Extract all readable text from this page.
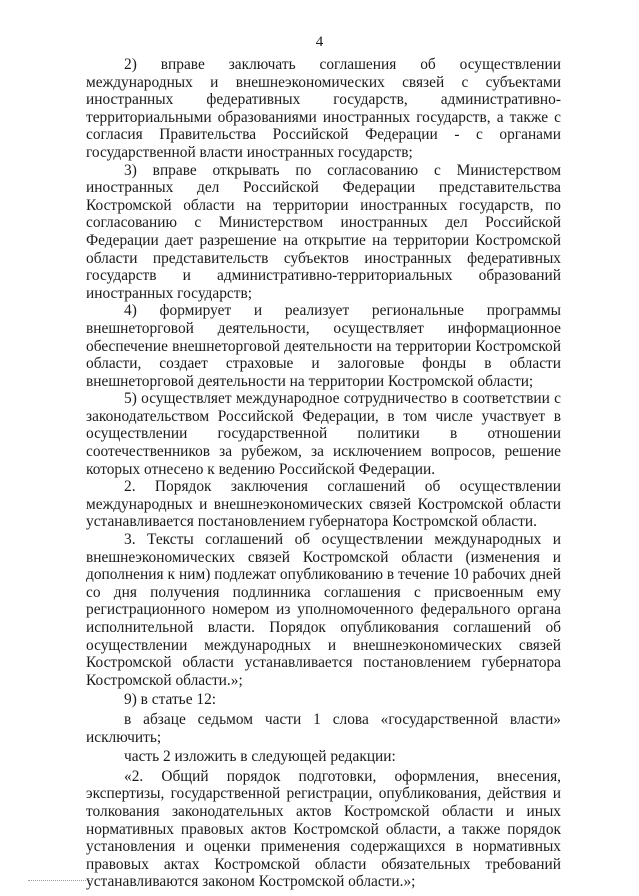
4

2) вправе заключать соглашения об осуществлении международных и внешнеэкономических связей с субъектами иностранных федеративных государств, административно-территориальными образованиями иностранных государств, а также с согласия Правительства Российской Федерации - с органами государственной власти иностранных государств;

3) вправе открывать по согласованию с Министерством иностранных дел Российской Федерации представительства Костромской области на территории иностранных государств, по согласованию с Министерством иностранных дел Российской Федерации дает разрешение на открытие на территории Костромской области представительств субъектов иностранных федеративных государств и административно-территориальных образований иностранных государств;

4) формирует и реализует региональные программы внешнеторговой деятельности, осуществляет информационное обеспечение внешнеторговой деятельности на территории Костромской области, создает страховые и залоговые фонды в области внешнеторговой деятельности на территории Костромской области;

5) осуществляет международное сотрудничество в соответствии с законодательством Российской Федерации, в том числе участвует в осуществлении государственной политики в отношении соотечественников за рубежом, за исключением вопросов, решение которых отнесено к ведению Российской Федерации.

2. Порядок заключения соглашений об осуществлении международных и внешнеэкономических связей Костромской области устанавливается постановлением губернатора Костромской области.

3. Тексты соглашений об осуществлении международных и внешнеэкономических связей Костромской области (изменения и дополнения к ним) подлежат опубликованию в течение 10 рабочих дней со дня получения подлинника соглашения с присвоенным ему регистрационного номером из уполномоченного федерального органа исполнительной власти. Порядок опубликования соглашений об осуществлении международных и внешнеэкономических связей Костромской области устанавливается постановлением губернатора Костромской области.»;

9) в статье 12:

в абзаце седьмом части 1 слова «государственной власти» исключить;

часть 2 изложить в следующей редакции:

«2. Общий порядок подготовки, оформления, внесения, экспертизы, государственной регистрации, опубликования, действия и толкования законодательных актов Костромской области и иных нормативных правовых актов Костромской области, а также порядок установления и оценки применения содержащихся в нормативных правовых актах Костромской области обязательных требований устанавливаются законом Костромской области.»;
